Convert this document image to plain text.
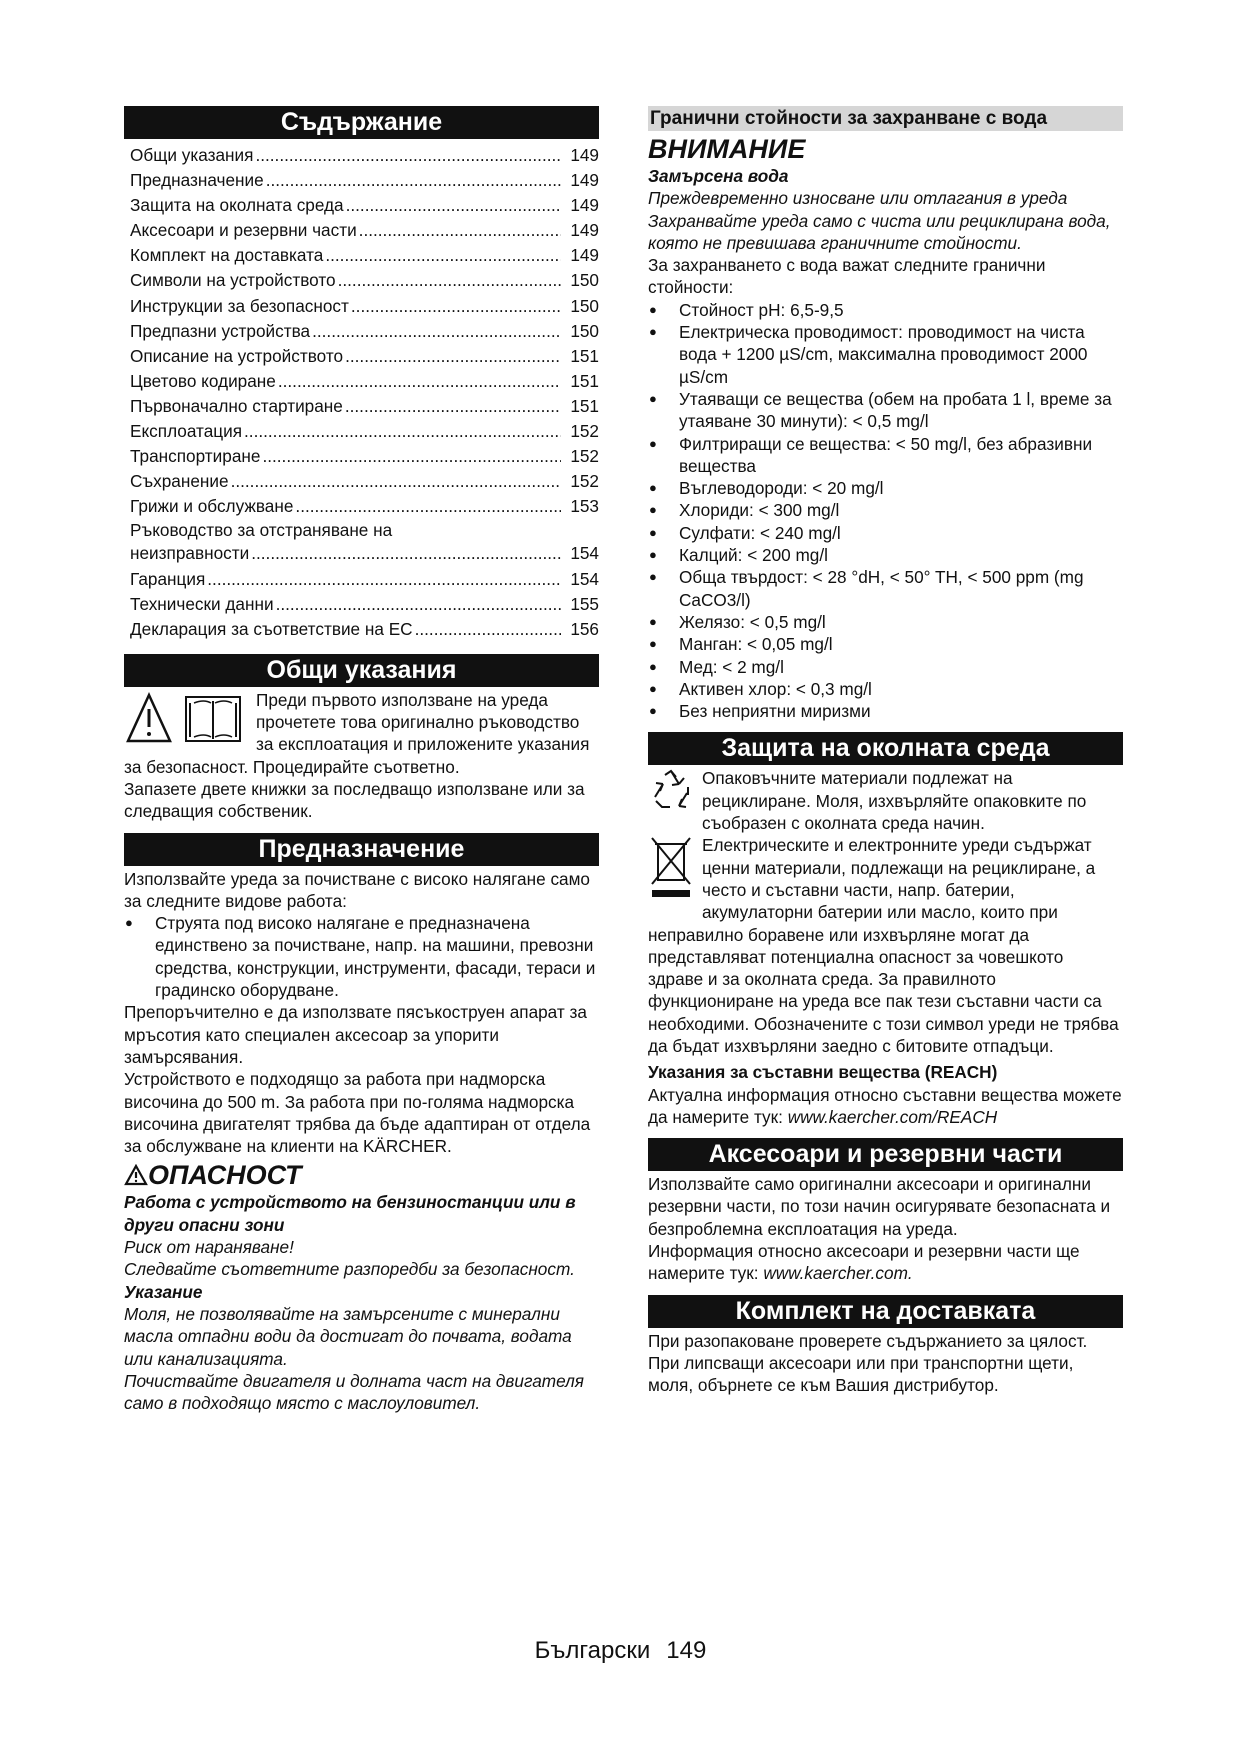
Съдържание
Общи указания .....	149
Предназначение .....	149
Защита на околната среда .....	149
Аксесоари и резервни части .....	149
Комплект на доставката .....	149
Символи на устройството .....	150
Инструкции за безопасност .....	150
Предпазни устройства .....	150
Описание на устройството .....	151
Цветово кодиране .....	151
Първоначално стартиране .....	151
Експлоатация .....	152
Транспортиране .....	152
Съхранение .....	152
Грижи и обслужване .....	153
Ръководство за отстраняване на
неизправности .....	154
Гаранция .....	154
Технически данни .....	155
Декларация за съответствие на ЕС .....	156
Общи указания

Преди първото използване на уреда прочетете това оригинално ръководство за експлоатация и приложените указания за безопасност. Процедирайте съответно.

Запазете двете книжки за последващо използване или за следващия собственик.

Предназначение

Използвайте уреда за почистване с високо налягане само за следните видове работа:

● Струята под високо налягане е предназначена единствено за почистване, напр. на машини, превозни средства, конструкции, инструменти, фасади, тераси и градинско оборудване.

Препоръчително е да използвате пясъкоструен апарат за мръсотия като специален аксесоар за упорити замърсявания.

Устройството е подходящо за работа при надморска височина до 500 m. За работа при по-голяма надморска височина двигателят трябва да бъде адаптиран от отдела за обслужване на клиенти на KÄRCHER.

ОПАСНОСТ

Работа с устройството на бензиностанции или в други опасни зони

Риск от нараняване!

Следвайте съответните разпоредби за безопасност.

Указание

Моля, не позволявайте на замърсените с минерални масла отпадни води да достигат до почвата, водата или канализацията.

Почиствайте двигателя и долната част на двигателя само в подходящо място с маслоуловител.

Гранични стойности за захранване с вода
ВНИМАНИЕ

Замърсена вода

Преждевременно износване или отлагания в уреда Захранвайте уреда само с чиста или рециклирана вода, която не превишава граничните стойности.

За захранването с вода важат следните гранични стойности:

● Стойност pH: 6,5-9,5
● Електрическа проводимост: проводимост на чиста вода + 1200 µS/cm, максимална проводимост 2000 µS/cm
● Утаяващи се вещества (обем на пробата 1 l, време за утаяване 30 минути): < 0,5 mg/l
● Филтриращи се вещества: < 50 mg/l, без абразивни вещества
● Въглеводороди: < 20 mg/l
● Хлориди: < 300 mg/l
● Сулфати: < 240 mg/l
● Калций: < 200 mg/l
● Обща твърдост: < 28 °dH, < 50° TH, < 500 ppm (mg CaCO3/l)
● Желязо: < 0,5 mg/l
● Манган: < 0,05 mg/l
● Мед: < 2 mg/l
● Активен хлор: < 0,3 mg/l
● Без неприятни миризми
Защита на околната среда

Опаковъчните материали подлежат на рециклиране. Моля, изхвърляйте опаковките по съобразен с околната среда начин.

Електрическите и електронните уреди съдържат ценни материали, подлежащи на рециклиране, а често и съставни части, напр. батерии, акумулаторни батерии или масло, които при неправилно боравене или изхвърляне могат да представляват потенциална опасност за човешкото здраве и за околната среда. За правилното функциониране на уреда все пак тези съставни части са необходими. Обозначените с този символ уреди не трябва да бъдат изхвърляни заедно с битовите отпадъци.

Указания за съставни вещества (REACH)

Актуална информация относно съставни вещества можете да намерите тук: www.kaercher.com/REACH

Аксесоари и резервни части

Използвайте само оригинални аксесоари и оригинални резервни части, по този начин осигурявате безопасната и безпроблемна експлоатация на уреда.

Информация относно аксесоари и резервни части ще намерите тук: www.kaercher.com.

Комплект на доставката

При разопаковане проверете съдържанието за цялост. При липсващи аксесоари или при транспортни щети, моля, обърнете се към Вашия дистрибутор.

Български 149
